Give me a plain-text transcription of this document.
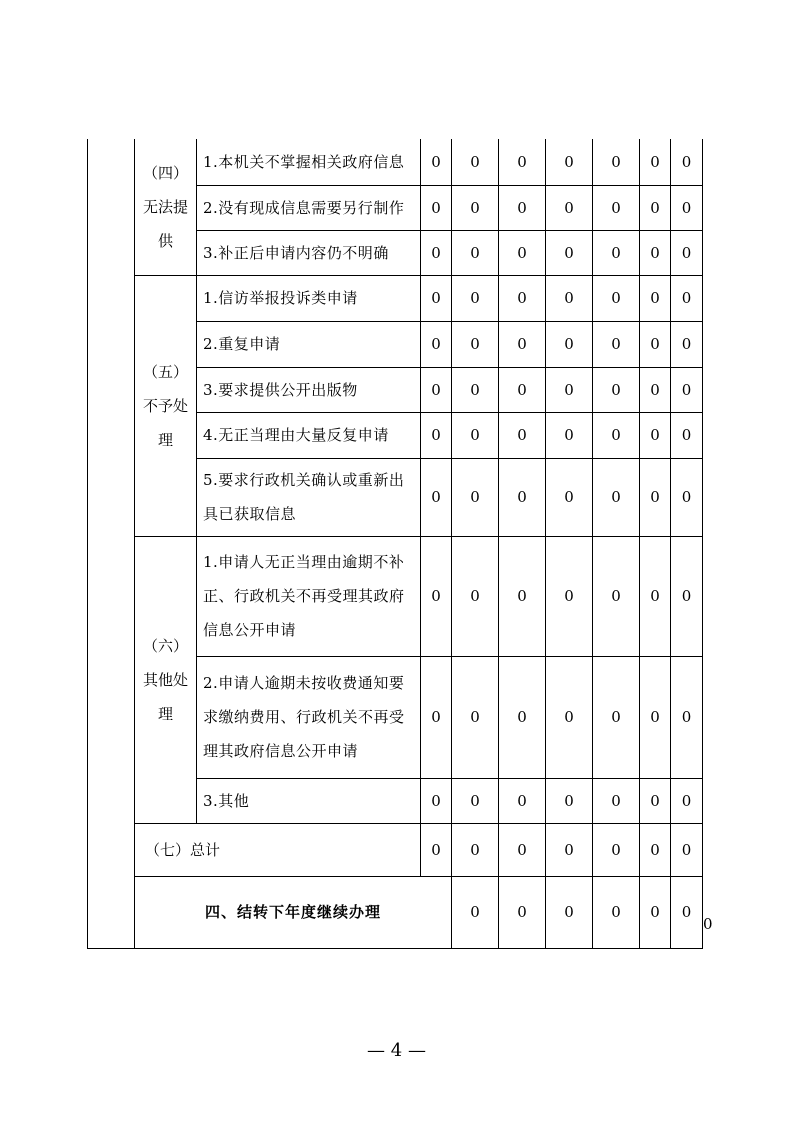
	（四）
无法提
供	1.本机关不掌握相关政府信息	0	0	0	0	0	0	0	
		2.没有现成信息需要另行制作	0	0	0	0	0	0	0	
		3.补正后申请内容仍不明确	0	0	0	0	0	0	0	

	（五）
不予处
理	1.信访举报投诉类申请	0	0	0	0	0	0	0	
		2.重复申请	0	0	0	0	0	0	0	
		3.要求提供公开出版物	0	0	0	0	0	0	0	
		4.无正当理由大量反复申请	0	0	0	0	0	0	0	
		5.要求行政机关确认或重新出具已获取信息	0	0	0	0	0	0	0	

	（六）
其他处
理	1.申请人无正当理由逾期不补正、行政机关不再受理其政府信息公开申请	0	0	0	0	0	0	0	
		2.申请人逾期未按收费通知要求缴纳费用、行政机关不再受理其政府信息公开申请	0	0	0	0	0	0	0	
		3.其他	0	0	0	0	0	0	0	
	（七）总计		0	0	0	0	0	0	0	
	四、结转下年度继续办理			0	0	0	0	0	0	0
— 4 —
